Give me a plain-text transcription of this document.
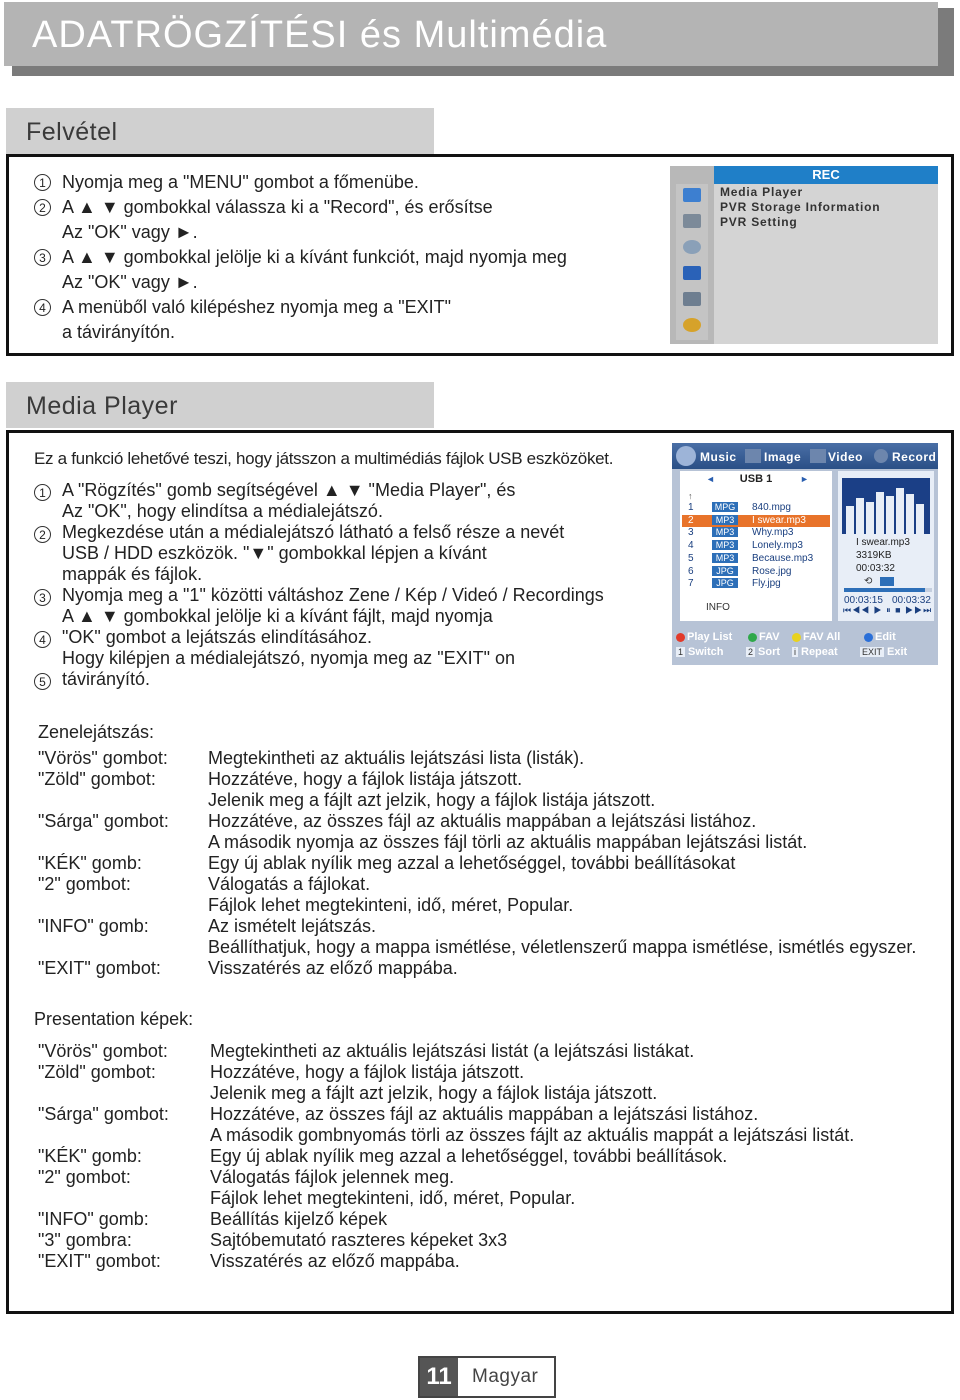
ADATRÖGZÍTÉSI és Multimédia
Felvétel
1 Nyomja meg a "MENU" gombot a főmenübe.
2 A ▲ ▼ gombokkal válassza ki a "Record", és erősítse
Az "OK" vagy ►.
3 A ▲ ▼ gombokkal jelölje ki a kívánt funkciót, majd nyomja meg
Az "OK" vagy ►.
4 A menüből való kilépéshez nyomja meg a "EXIT"
a távirányítón.
REC
Media Player
PVR Storage Information
PVR Setting
Media Player
Ez a funkció lehetővé teszi, hogy játsszon a multimédiás fájlok USB eszközöket.
1
2
3
4
5
A "Rögzítés" gomb segítségével ▲ ▼ "Media Player", és
Az "OK", hogy elindítsa a médialejátszó.
Megkezdése után a médialejátszó látható a felső része a nevét
USB / HDD eszközök. "▼" gombokkal lépjen a kívánt
mappák és fájlok.
Nyomja meg a "1" közötti váltáshoz Zene / Kép / Videó / Recordings
A ▲ ▼ gombokkal jelölje ki a kívánt fájlt, majd nyomja
"OK" gombot a lejátszás elindításához.
Hogy kilépjen a médialejátszó, nyomja meg az "EXIT" on
távirányító.
Music Image Video Record
◄	USB 1	►
↑
1	MPG 840.mpg
2	MP3	I swear.mp3
3	MP3	Why.mp3
4	MP3	Lonely.mp3
5	MP3	Because.mp3
6	JPG	Rose.jpg
7	JPG	Fly.jpg
INFO
I swear.mp3
3319KB
00:03:32
⟲
00:03:15 00:03:32
⏮◀◀ ▶ ⏸ ■ ▶▶⏭
Play List	FAV	FAV All	Edit
1 Switch	2 Sort i Repeat	EXIT Exit
Zenelejátszás:
"Vörös" gombot: Megtekintheti az aktuális lejátszási lista (listák).
"Zöld" gombot:	Hozzátéve, hogy a fájlok listája játszott.
Jelenik meg a fájlt azt jelzik, hogy a fájlok listája játszott.
"Sárga" gombot: Hozzátéve, az összes fájl az aktuális mappában a lejátszási listához.
A második nyomja az összes fájl törli az aktuális mappában lejátszási listát.
"KÉK" gomb:	Egy új ablak nyílik meg azzal a lehetőséggel, további beállításokat
"2" gombot:	Válogatás a fájlokat.
Fájlok lehet megtekinteni, idő, méret, Popular.
"INFO" gomb:	Az ismételt lejátszás.
Beállíthatjuk, hogy a mappa ismétlése, véletlenszerű mappa ismétlése, ismétlés egyszer.
"EXIT" gombot:	Visszatérés az előző mappába.
Presentation képek:
"Vörös" gombot: Megtekintheti az aktuális lejátszási listát (a lejátszási listákat.
"Zöld" gombot:	Hozzátéve, hogy a fájlok listája játszott.
Jelenik meg a fájlt azt jelzik, hogy a fájlok listája játszott.
"Sárga" gombot: Hozzátéve, az összes fájl az aktuális mappában a lejátszási listához.
A második gombnyomás törli az összes fájlt az aktuális mappát a lejátszási listát.
"KÉK" gomb:	Egy új ablak nyílik meg azzal a lehetőséggel, további beállítások.
"2" gombot:	Válogatás fájlok jelennek meg.
Fájlok lehet megtekinteni, idő, méret, Popular.
"INFO" gomb:	Beállítás kijelző képek
"3" gombra:	Sajtóbemutató raszteres képeket 3x3
"EXIT" gombot:	Visszatérés az előző mappába.
11	Magyar
